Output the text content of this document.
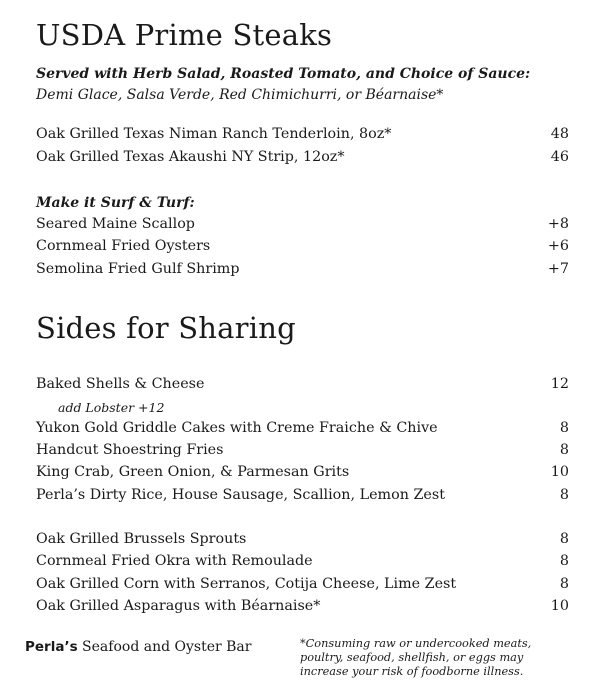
USDA Prime Steaks
Served with Herb Salad, Roasted Tomato, and Choice of Sauce:
Demi Glace, Salsa Verde, Red Chimichurri, or Béarnaise*
Oak Grilled Texas Niman Ranch Tenderloin, 8oz*	48
Oak Grilled Texas Akaushi NY Strip, 12oz*	46
Make it Surf & Turf:
Seared Maine Scallop	+8
Cornmeal Fried Oysters	+6
Semolina Fried Gulf Shrimp	+7
Sides for Sharing
Baked Shells & Cheese	12
add Lobster +12
Yukon Gold Griddle Cakes with Creme Fraiche & Chive	8
Handcut Shoestring Fries	8
King Crab, Green Onion, & Parmesan Grits	10
Perla’s Dirty Rice, House Sausage, Scallion, Lemon Zest	8
Oak Grilled Brussels Sprouts	8
Cornmeal Fried Okra with Remoulade	8
Oak Grilled Corn with Serranos, Cotija Cheese, Lime Zest	8
Oak Grilled Asparagus with Béarnaise*	10
Perla’s Seafood and Oyster Bar	*Consuming raw or undercooked meats,
poultry, seafood, shellfish, or eggs may
increase your risk of foodborne illness.
